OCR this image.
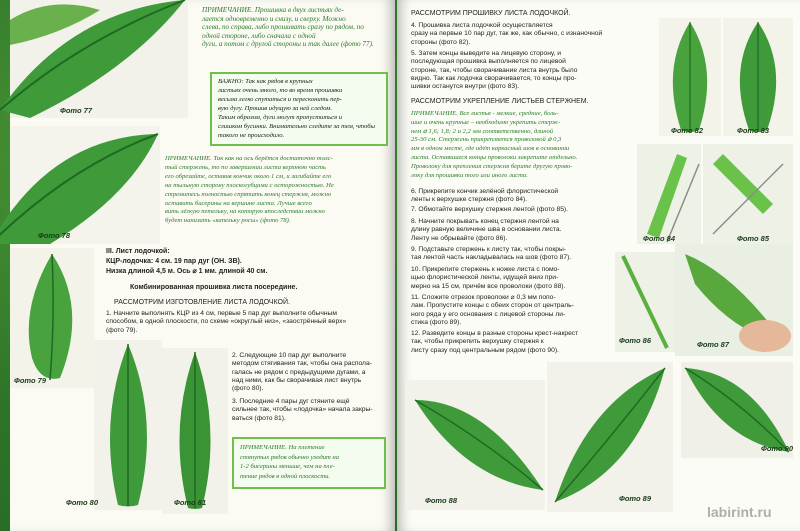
Фото 77
ПРИМЕЧАНИЕ. Прошивка в двух листьях де-
лается одновременно и снизу, и сверху. Можно
слева, по справа, либо прошивать сразу по рядом, по
одной стороне, либо сначала с одной
дуги, а потом с другой стороны и так далее (фото 77).
ВАЖНО: Так как рядов в крупных
листьях очень много, то во время прошивки
весьма легко спутаться и пересконить пер-
вую дугу. Прошив идущую за ней следом.
Таким образом, дуги могут пропуститься и
слишком бусинки. Внимательно следите за тем, чтобы
такого не происходило.
Фото 78
ПРИМЕЧАНИЕ. Так как на ось берётся достаточно толс-
тый стержень, то по завершении листа верхнюю часть
его обрезайте, оставив кончик около 1 см, и загибайте его
на тыльную сторону плоскогубцами с осторожностью. Не
стремитесь полностью спрятать конец стержня, можно
оставить бисерины на вершине листа. Лучше всего
вить лёгкую петельку, на которую впоследствии можно
будет нанизать «капельку росы» (фото 78).
Фото 79
III. Лист лодочкой:
КЦР-лодочка: 4 см. 19 пар дуг (ОН. ЗВ).
Низка длиной 4,5 м. Ось ⌀ 1 мм. длиной 40 см.
Комбинированная прошивка листа посередине.
РАССМОТРИМ ИЗГОТОВЛЕНИЕ ЛИСТА ЛОДОЧКОЙ.
1. Начните выполнять КЦР из 4 см, первые 5 пар дуг выполните обычным
способом, в одной плоскости, по схеме «округлый низ», «заострённый верх»
(фото 79).
Фото 80	Фото 81
2. Следующие 10 пар дуг выполните
методом стягивания так, чтобы она распола-
галась не рядом с предыдущими дугами, а
над ними, как бы сворачивая лист внутрь
(фото 80).
3. Последние 4 пары дуг стяните ещё
сильнее так, чтобы «лодочка» начала закры-
ваться (фото 81).
ПРИМЕЧАНИЕ. На плетение
стянутых рядов обычно уходит на
1-2 бисерины меньше, чем на пле-
тение рядов в одной плоскости.
РАССМОТРИМ ПРОШИВКУ ЛИСТА ЛОДОЧКОЙ.
4. Прошивка листа лодочкой осуществляется
сразу на первые 10 пар дуг, так же, как обычно, с изнаночной
стороны (фото 82).
5. Затем концы выведите на лицевую сторону, и
последующая прошивка выполняется по лицевой
стороне, так, чтобы сворачивание листа внутрь было
видно. Так как лодочка сворачивается, то концы про-
шивки останутся внутри (фото 83).
РАССМОТРИМ УКРЕПЛЕНИЕ ЛИСТЬЕВ СТЕРЖНЕМ.
ПРИМЕЧАНИЕ. Все листья - мелкие, средние, боль-
шие и очень крупные – необходимо укрепить стерж-
нем ⌀ 1,6; 1,8; 2 и 2,2 мм соответственно, длиной
25-30 см. Стержень прикрепляется проволокой ⌀ 0,3
мм в одном месте, где идёт каркасный шов в основании
листа. Оставшиеся концы проволоки закрепите отдельно.
Проволоку для крепления стержня берите другую прово-
локу для прошивки того или иного листа.
6. Прикрепите кончик зелёной флористической
ленты к верхушке стержня (фото 84).
7. Обмотайте верхушку стержня лентой (фото 85).
8. Начните покрывать конец стержня лентой на
длину равную величине шва в основании листа.
Ленту не обрывайте (фото 86).
9. Подставьте стержень к листу так, чтобы покры-
тая лентой часть накладывалась на шов (фото 87).
10. Прикрепите стержень к ножке листа с помо-
щью флористической ленты, идущей вниз при-
мерно на 15 см, причём все проволоки (фото 88).
11. Сложите отрезок проволоки ⌀ 0,3 мм попо-
лам. Пропустите концы с обеих сторон от централь-
ного ряда у его основания с лицевой стороны ли-
стика (фото 89).
12. Разведите концы в разные стороны крест-накрест
так, чтобы прикрепить верхушку стержня к
листу сразу под центральным рядом (фото 90).
Фото 82	Фото 83
Фото 84	Фото 85
Фото 86	Фото 87
Фото 88	Фото 89
Фото 90
labirint.ru
